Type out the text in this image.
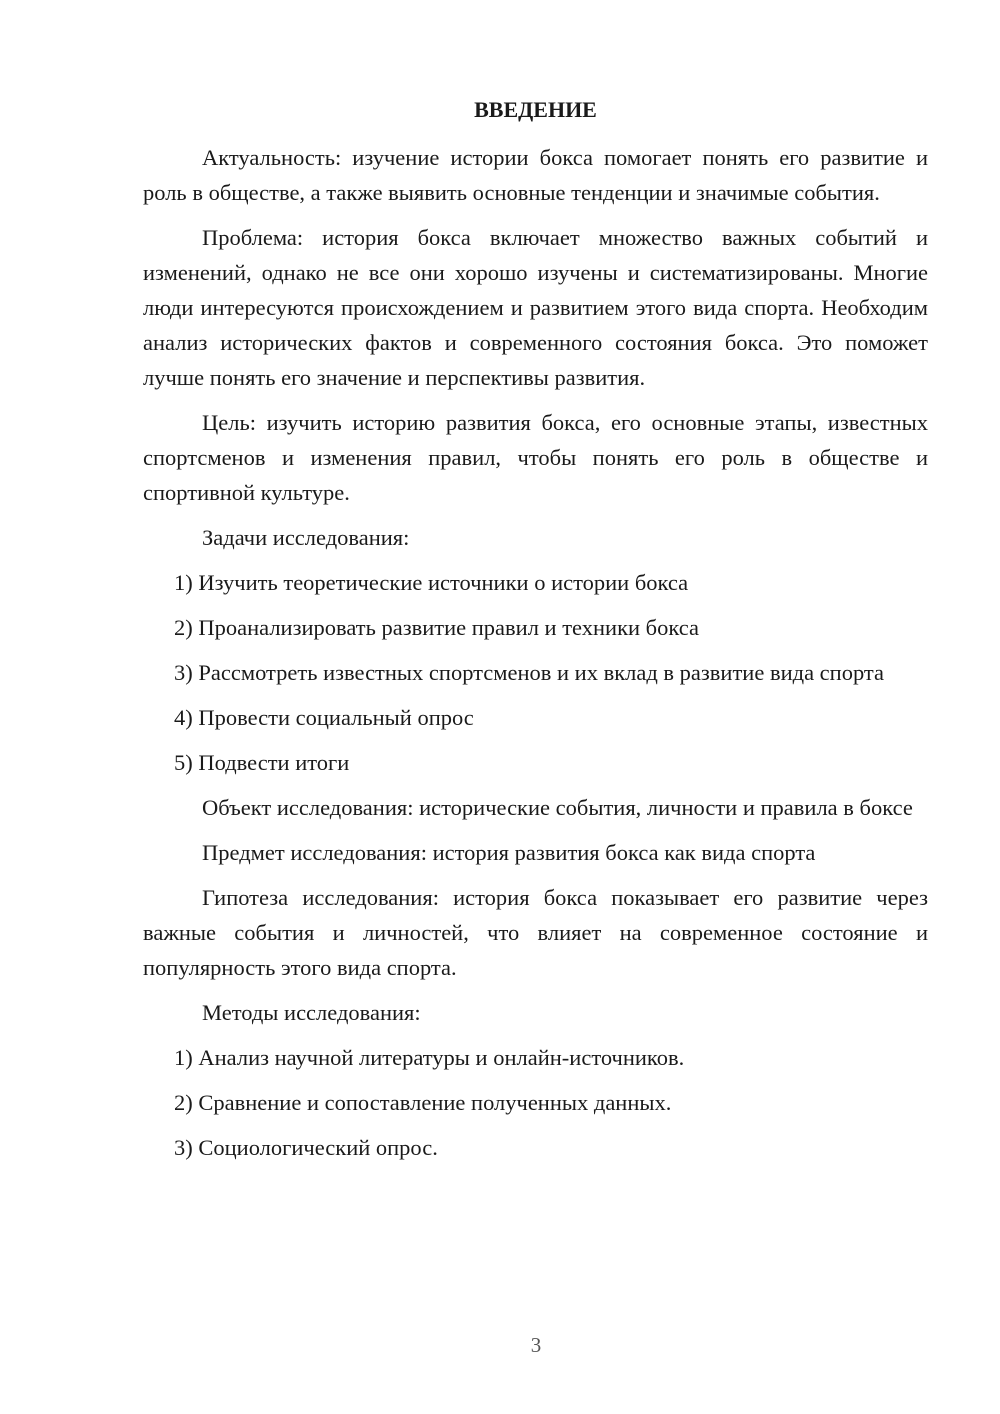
ВВЕДЕНИЕ

Актуальность: изучение истории бокса помогает понять его развитие и роль в обществе, а также выявить основные тенденции и значимые события.

Проблема: история бокса включает множество важных событий и изменений, однако не все они хорошо изучены и систематизированы. Многие люди интересуются происхождением и развитием этого вида спорта. Необходим анализ исторических фактов и современного состояния бокса. Это поможет лучше понять его значение и перспективы развития.

Цель: изучить историю развития бокса, его основные этапы, известных спортсменов и изменения правил, чтобы понять его роль в обществе и спортивной культуре.

Задачи исследования:

1) Изучить теоретические источники о истории бокса

2) Проанализировать развитие правил и техники бокса

3) Рассмотреть известных спортсменов и их вклад в развитие вида спорта

4) Провести социальный опрос

5) Подвести итоги

Объект исследования: исторические события, личности и правила в боксе

Предмет исследования: история развития бокса как вида спорта

Гипотеза исследования: история бокса показывает его развитие через важные события и личностей, что влияет на современное состояние и популярность этого вида спорта.

Методы исследования:

1) Анализ научной литературы и онлайн-источников.

2) Сравнение и сопоставление полученных данных.

3) Социологический опрос.

3
